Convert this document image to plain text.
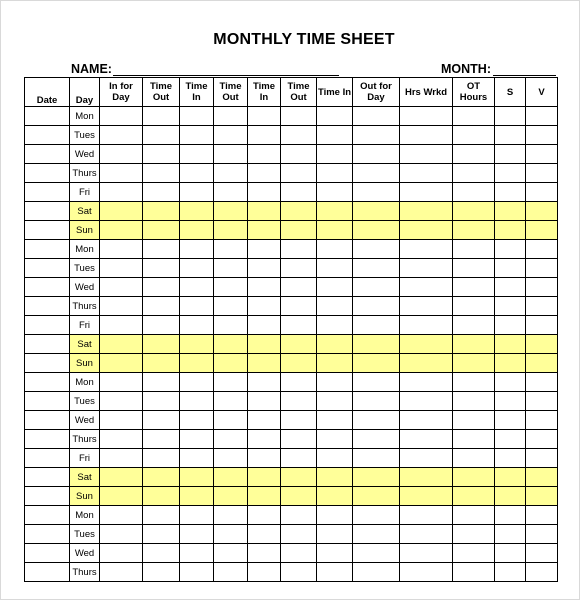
MONTHLY TIME SHEET
NAME:	MONTH:
Date	Day	In for Day	Time Out	Time In	Time Out	Time In	Time Out	Time In	Out for Day	Hrs Wrkd	OT Hours	S	V
	Mon												
	Tues												
	Wed												
	Thurs												
	Fri												
	Sat												
	Sun												
	Mon												
	Tues												
	Wed												
	Thurs												
	Fri												
	Sat												
	Sun												
	Mon												
	Tues												
	Wed												
	Thurs												
	Fri												
	Sat												
	Sun												
	Mon												
	Tues												
	Wed												
	Thurs												
